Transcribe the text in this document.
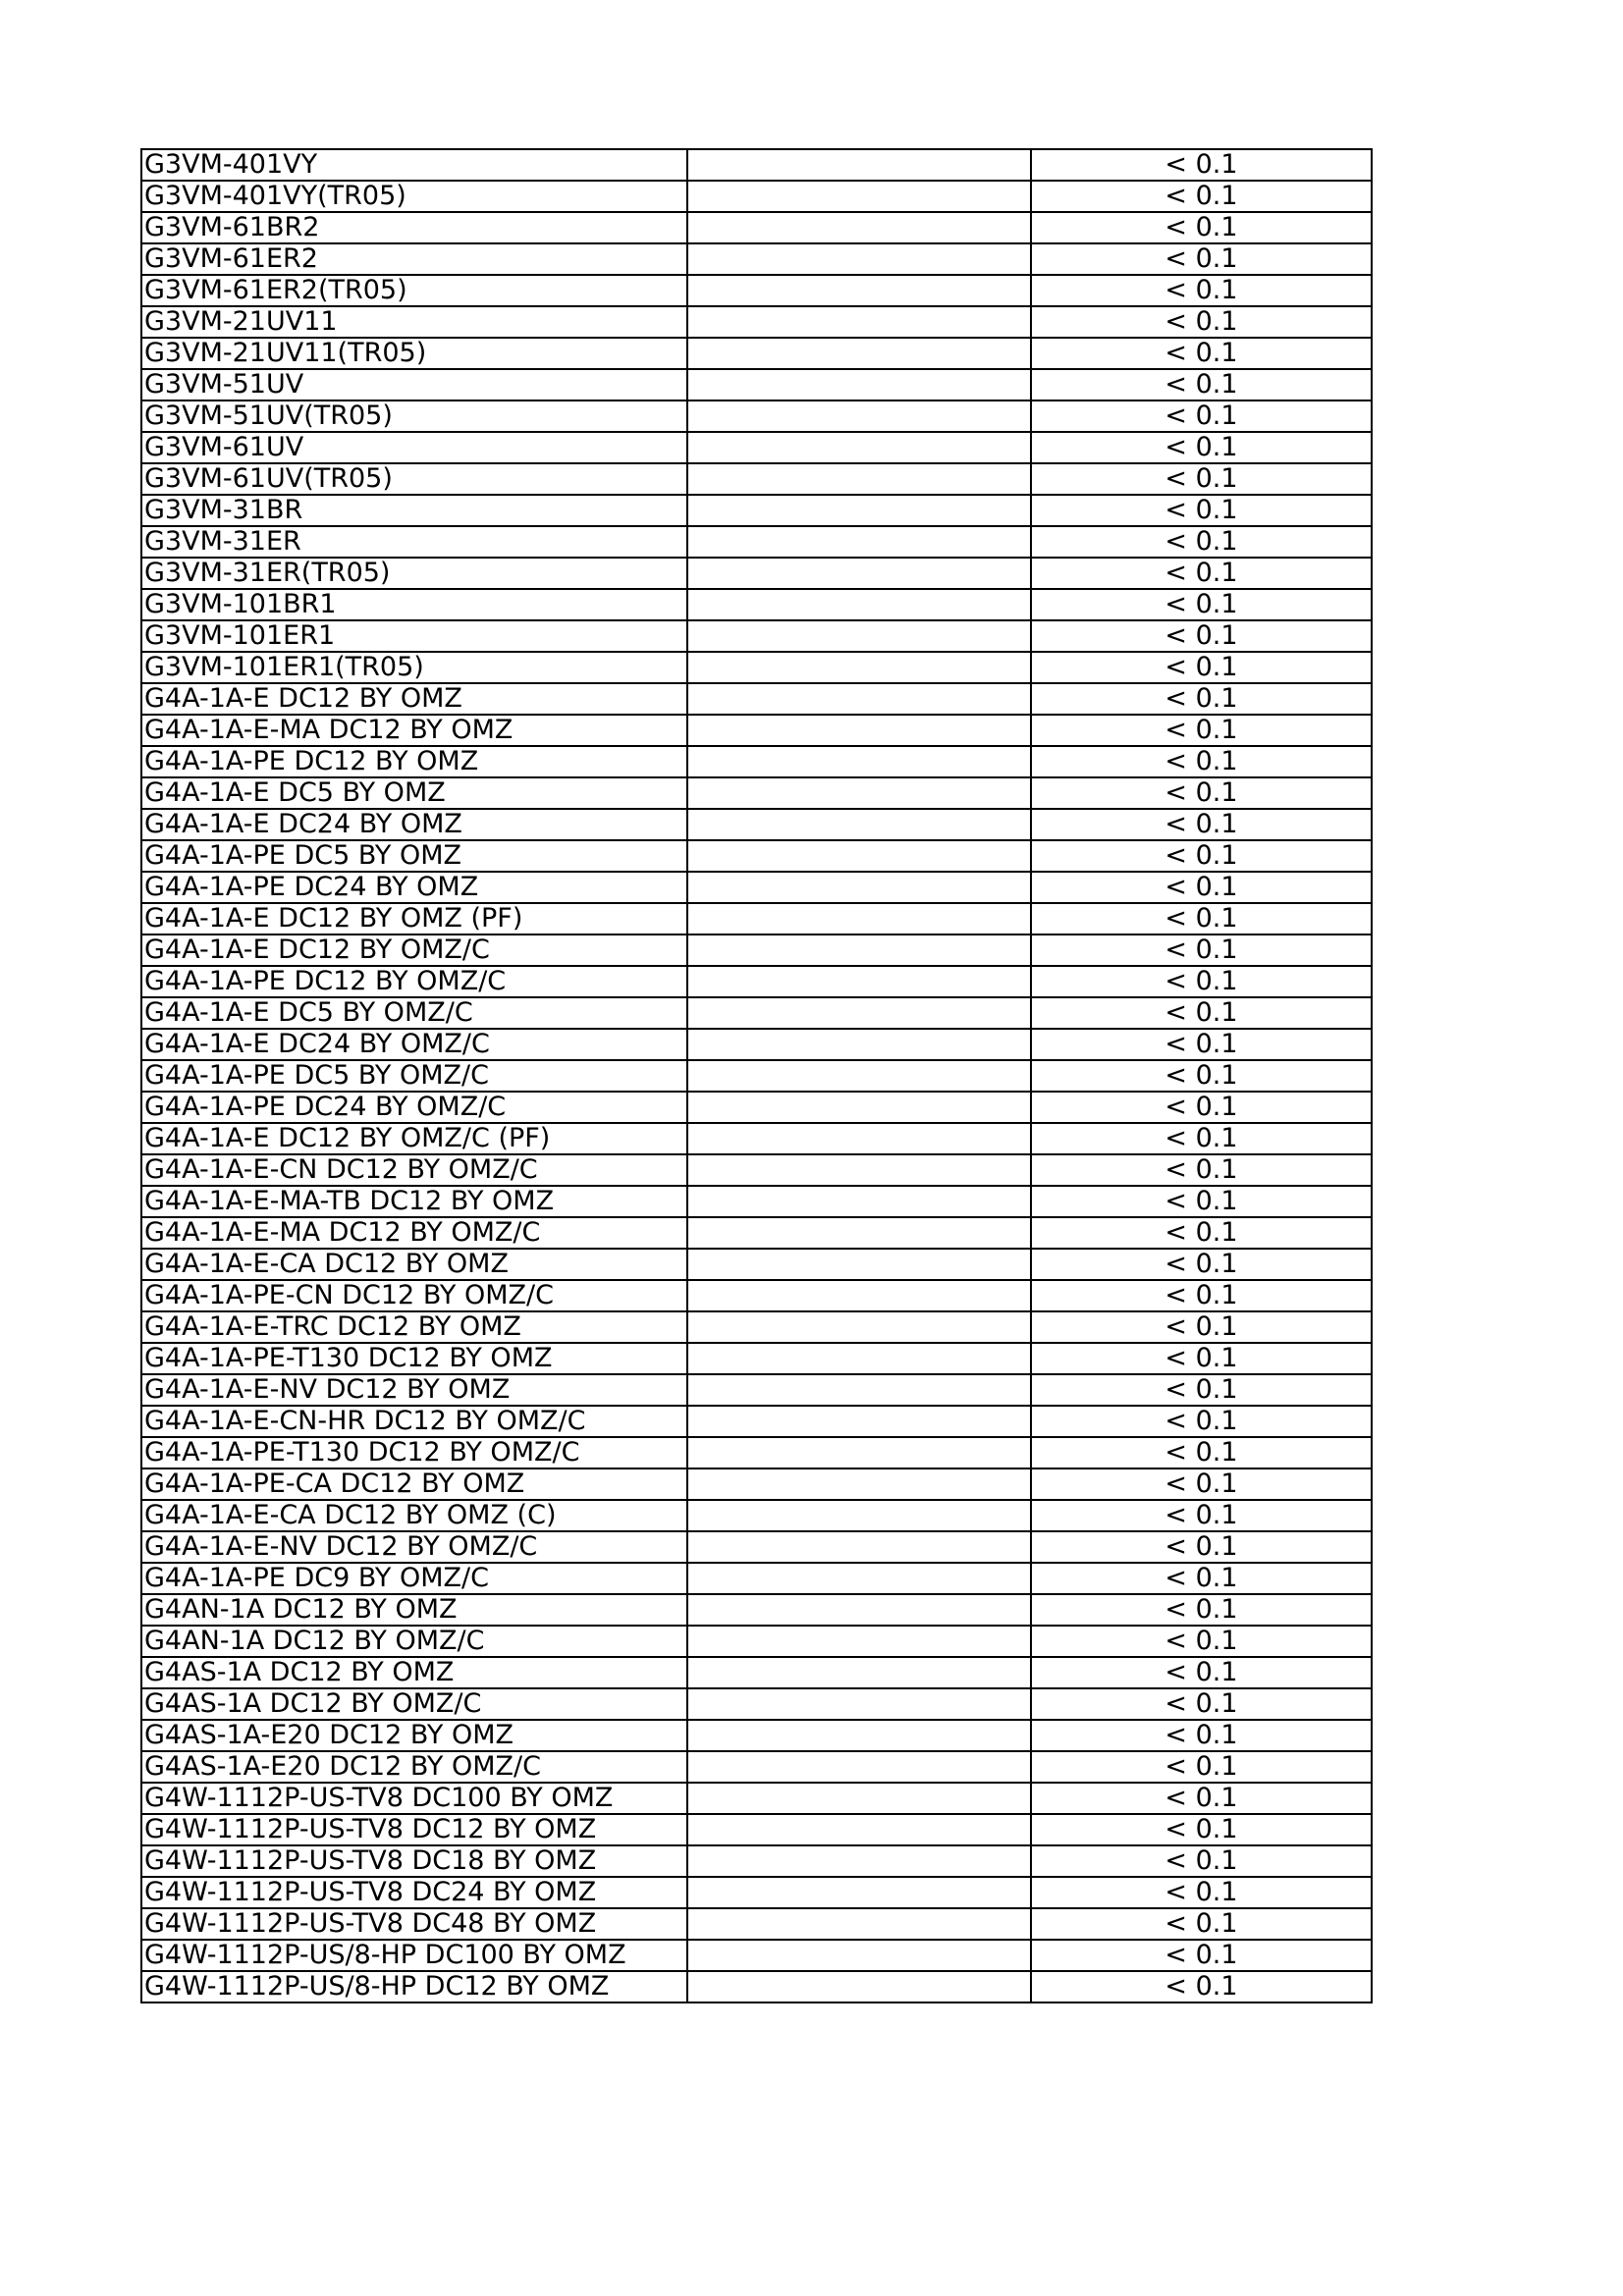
G3VM-401VY		< 0.1
G3VM-401VY(TR05)		< 0.1
G3VM-61BR2		< 0.1
G3VM-61ER2		< 0.1
G3VM-61ER2(TR05)		< 0.1
G3VM-21UV11		< 0.1
G3VM-21UV11(TR05)		< 0.1
G3VM-51UV		< 0.1
G3VM-51UV(TR05)		< 0.1
G3VM-61UV		< 0.1
G3VM-61UV(TR05)		< 0.1
G3VM-31BR		< 0.1
G3VM-31ER		< 0.1
G3VM-31ER(TR05)		< 0.1
G3VM-101BR1		< 0.1
G3VM-101ER1		< 0.1
G3VM-101ER1(TR05)		< 0.1
G4A-1A-E DC12 BY OMZ		< 0.1
G4A-1A-E-MA DC12 BY OMZ		< 0.1
G4A-1A-PE DC12 BY OMZ		< 0.1
G4A-1A-E DC5 BY OMZ		< 0.1
G4A-1A-E DC24 BY OMZ		< 0.1
G4A-1A-PE DC5 BY OMZ		< 0.1
G4A-1A-PE DC24 BY OMZ		< 0.1
G4A-1A-E DC12 BY OMZ (PF)		< 0.1
G4A-1A-E DC12 BY OMZ/C		< 0.1
G4A-1A-PE DC12 BY OMZ/C		< 0.1
G4A-1A-E DC5 BY OMZ/C		< 0.1
G4A-1A-E DC24 BY OMZ/C		< 0.1
G4A-1A-PE DC5 BY OMZ/C		< 0.1
G4A-1A-PE DC24 BY OMZ/C		< 0.1
G4A-1A-E DC12 BY OMZ/C (PF)		< 0.1
G4A-1A-E-CN DC12 BY OMZ/C		< 0.1
G4A-1A-E-MA-TB DC12 BY OMZ		< 0.1
G4A-1A-E-MA DC12 BY OMZ/C		< 0.1
G4A-1A-E-CA DC12 BY OMZ		< 0.1
G4A-1A-PE-CN DC12 BY OMZ/C		< 0.1
G4A-1A-E-TRC DC12 BY OMZ		< 0.1
G4A-1A-PE-T130 DC12 BY OMZ		< 0.1
G4A-1A-E-NV DC12 BY OMZ		< 0.1
G4A-1A-E-CN-HR DC12 BY OMZ/C		< 0.1
G4A-1A-PE-T130 DC12 BY OMZ/C		< 0.1
G4A-1A-PE-CA DC12 BY OMZ		< 0.1
G4A-1A-E-CA DC12 BY OMZ (C)		< 0.1
G4A-1A-E-NV DC12 BY OMZ/C		< 0.1
G4A-1A-PE DC9 BY OMZ/C		< 0.1
G4AN-1A DC12 BY OMZ		< 0.1
G4AN-1A DC12 BY OMZ/C		< 0.1
G4AS-1A DC12 BY OMZ		< 0.1
G4AS-1A DC12 BY OMZ/C		< 0.1
G4AS-1A-E20 DC12 BY OMZ		< 0.1
G4AS-1A-E20 DC12 BY OMZ/C		< 0.1
G4W-1112P-US-TV8 DC100 BY OMZ		< 0.1
G4W-1112P-US-TV8 DC12 BY OMZ		< 0.1
G4W-1112P-US-TV8 DC18 BY OMZ		< 0.1
G4W-1112P-US-TV8 DC24 BY OMZ		< 0.1
G4W-1112P-US-TV8 DC48 BY OMZ		< 0.1
G4W-1112P-US/8-HP DC100 BY OMZ		< 0.1
G4W-1112P-US/8-HP DC12 BY OMZ		< 0.1
